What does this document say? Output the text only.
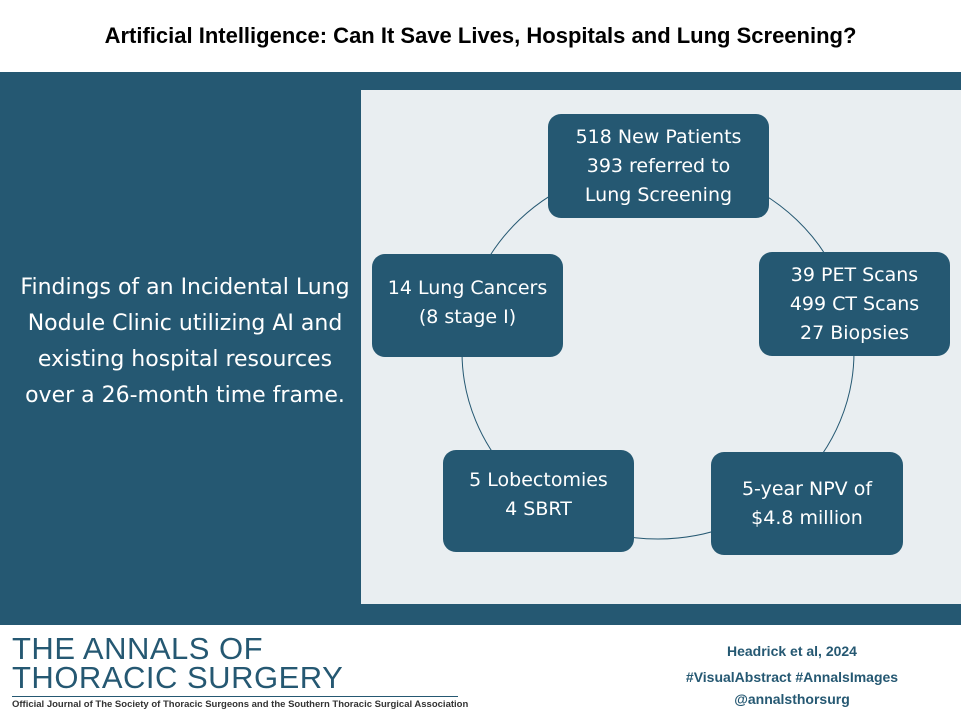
Artificial Intelligence: Can It Save Lives, Hospitals and Lung Screening?
Findings of an Incidental Lung Nodule Clinic utilizing AI and existing hospital resources over a 26-month time frame.
518 New Patients
393 referred to
Lung Screening
39 PET Scans
499 CT Scans
27 Biopsies
5-year NPV of
$4.8 million
5 Lobectomies
4 SBRT
14 Lung Cancers
(8 stage I)
THE ANNALS OF
THORACIC SURGERY
Official Journal of The Society of Thoracic Surgeons and the Southern Thoracic Surgical Association
Headrick et al, 2024
#VisualAbstract #AnnalsImages
@annalsthorsurg
